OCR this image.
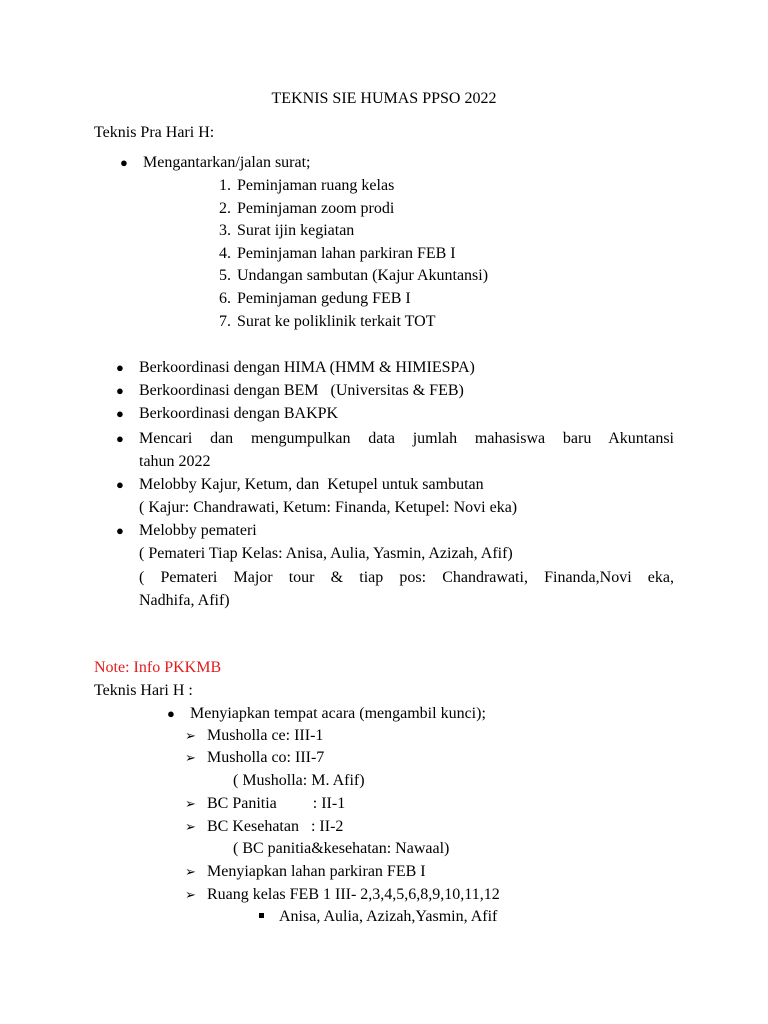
TEKNIS SIE HUMAS PPSO 2022
Teknis Pra Hari H:
● Mengantarkan/jalan surat;
1. Peminjaman ruang kelas
2. Peminjaman zoom prodi
3. Surat ijin kegiatan
4. Peminjaman lahan parkiran FEB I
5. Undangan sambutan (Kajur Akuntansi)
6. Peminjaman gedung FEB I
7. Surat ke poliklinik terkait TOT
● Berkoordinasi dengan HIMA (HMM & HIMIESPA)
● Berkoordinasi dengan BEM   (Universitas & FEB)
● Berkoordinasi dengan BAKPK
● Mencari dan mengumpulkan data jumlah mahasiswa baru Akuntansi
tahun 2022
● Melobby Kajur, Ketum, dan  Ketupel untuk sambutan
( Kajur: Chandrawati, Ketum: Finanda, Ketupel: Novi eka)
● Melobby pemateri
( Pemateri Tiap Kelas: Anisa, Aulia, Yasmin, Azizah, Afif)
( Pemateri Major tour & tiap pos: Chandrawati, Finanda,Novi eka,
Nadhifa, Afif)
Note: Info PKKMB
Teknis Hari H :
● Menyiapkan tempat acara (mengambil kunci);
➢ Musholla ce: III-1
➢ Musholla co: III-7
( Musholla: M. Afif)
➢ BC Panitia         : II-1
➢ BC Kesehatan   : II-2
( BC panitia&kesehatan: Nawaal)
➢ Menyiapkan lahan parkiran FEB I
➢ Ruang kelas FEB 1 III- 2,3,4,5,6,8,9,10,11,12
Anisa, Aulia, Azizah,Yasmin, Afif
